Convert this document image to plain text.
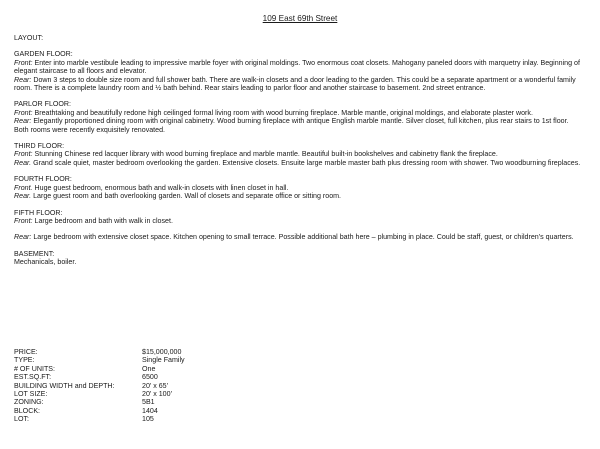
109 East 69th Street

LAYOUT:

GARDEN FLOOR:

Front: Enter into marble vestibule leading to impressive marble foyer with original moldings. Two enormous coat closets. Mahogany paneled doors with marquetry inlay. Beginning of elegant staircase to all floors and elevator.

Rear: Down 3 steps to double size room and full shower bath. There are walk-in closets and a door leading to the garden. This could be a separate apartment or a wonderful family room. There is a complete laundry room and ½ bath behind. Rear stairs leading to parlor floor and another staircase to basement. 2nd street entrance.

PARLOR FLOOR:

Front: Breathtaking and beautifully redone high ceilinged formal living room with wood burning fireplace. Marble mantle, original moldings, and elaborate plaster work.

Rear: Elegantly proportioned dining room with original cabinetry. Wood burning fireplace with antique English marble mantle. Silver closet, full kitchen, plus rear stairs to 1st floor.

Both rooms were recently exquisitely renovated.

THIRD FLOOR:

Front: Stunning Chinese red lacquer library with wood burning fireplace and marble mantle. Beautiful built-in bookshelves and cabinetry flank the fireplace.

Rear. Grand scale quiet, master bedroom overlooking the garden. Extensive closets. Ensuite large marble master bath plus dressing room with shower. Two woodburning fireplaces.

FOURTH FLOOR:

Front. Huge guest bedroom, enormous bath and walk-in closets with linen closet in hall.

Rear. Large guest room and bath overlooking garden. Wall of closets and separate office or sitting room.

FIFTH FLOOR:

Front: Large bedroom and bath with walk in closet.

Rear: Large bedroom with extensive closet space. Kitchen opening to small terrace. Possible additional bath here – plumbing in place. Could be staff, guest, or children's quarters.

BASEMENT:

Mechanicals, boiler.

PRICE:	$15,000,000
TYPE:	Single Family
# OF UNITS:	One
EST.SQ.FT:	6500
BUILDING WIDTH and DEPTH:	20' x 65'
LOT SIZE:	20' x 100'
ZONING:	5B1
BLOCK:	1404
LOT:	105
